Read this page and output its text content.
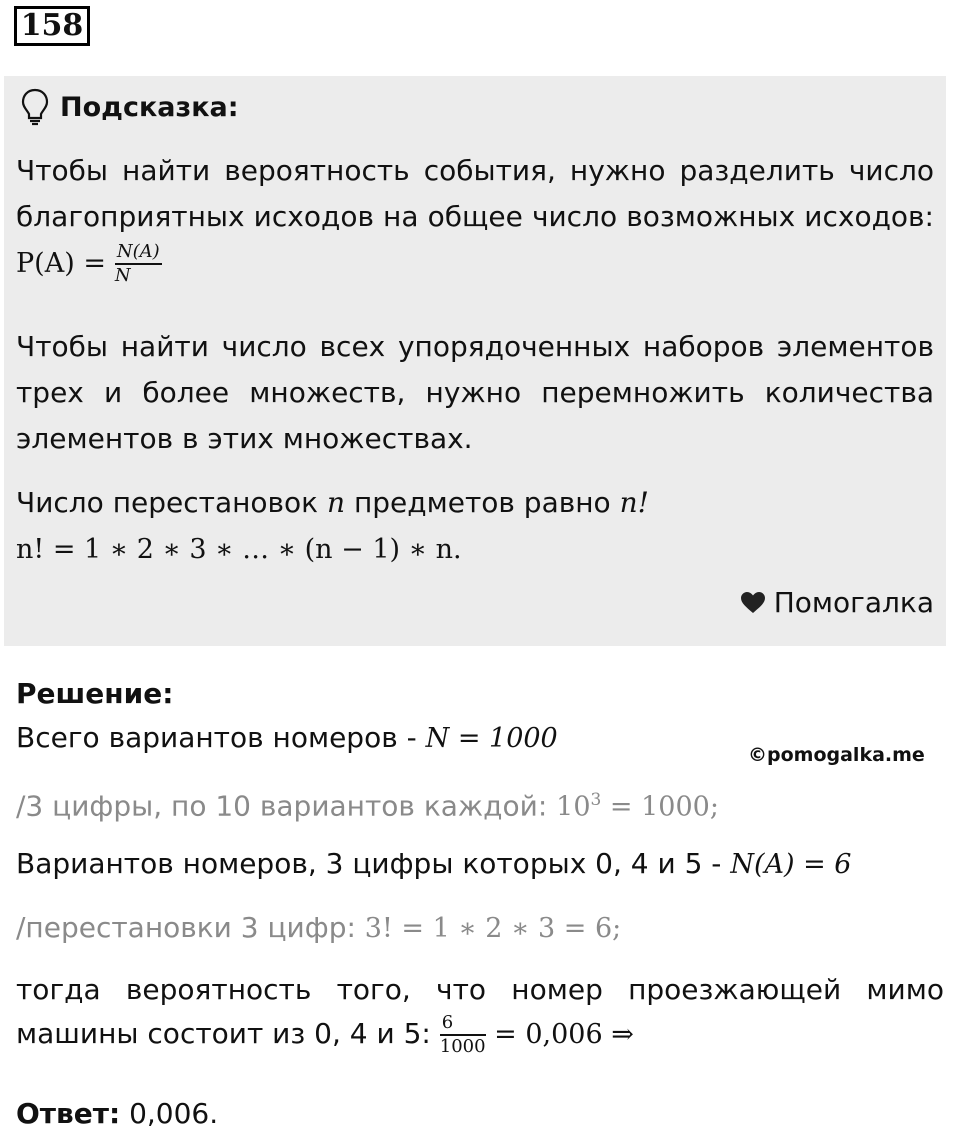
158
Подсказка:

Чтобы найти вероятность события, нужно разделить число благоприятных исходов на общее число возможных исходов: $P(A) = \frac{N(A)}{N}$

Чтобы найти число всех упорядоченных наборов элементов трех и более множеств, нужно перемножить количества элементов в этих множествах.

Число перестановок n предметов равно n!
n! = 1 ∗ 2 ∗ 3 ∗ … ∗ (n − 1) ∗ n.

Помогалка
Решение:
Всего вариантов номеров - N = 1000
©pomogalka.me
/3 цифры, по 10 вариантов каждой: $10^3 = 1000$;
Вариантов номеров, 3 цифры которых 0, 4 и 5 - N(A) = 6
/перестановки 3 цифр: 3! = 1 ∗ 2 ∗ 3 = 6;
тогда вероятность того, что номер проезжающей мимо машины состоит из 0, 4 и 5: $\frac{6}{1000} = 0,006$ ⇒
Ответ: 0,006.
